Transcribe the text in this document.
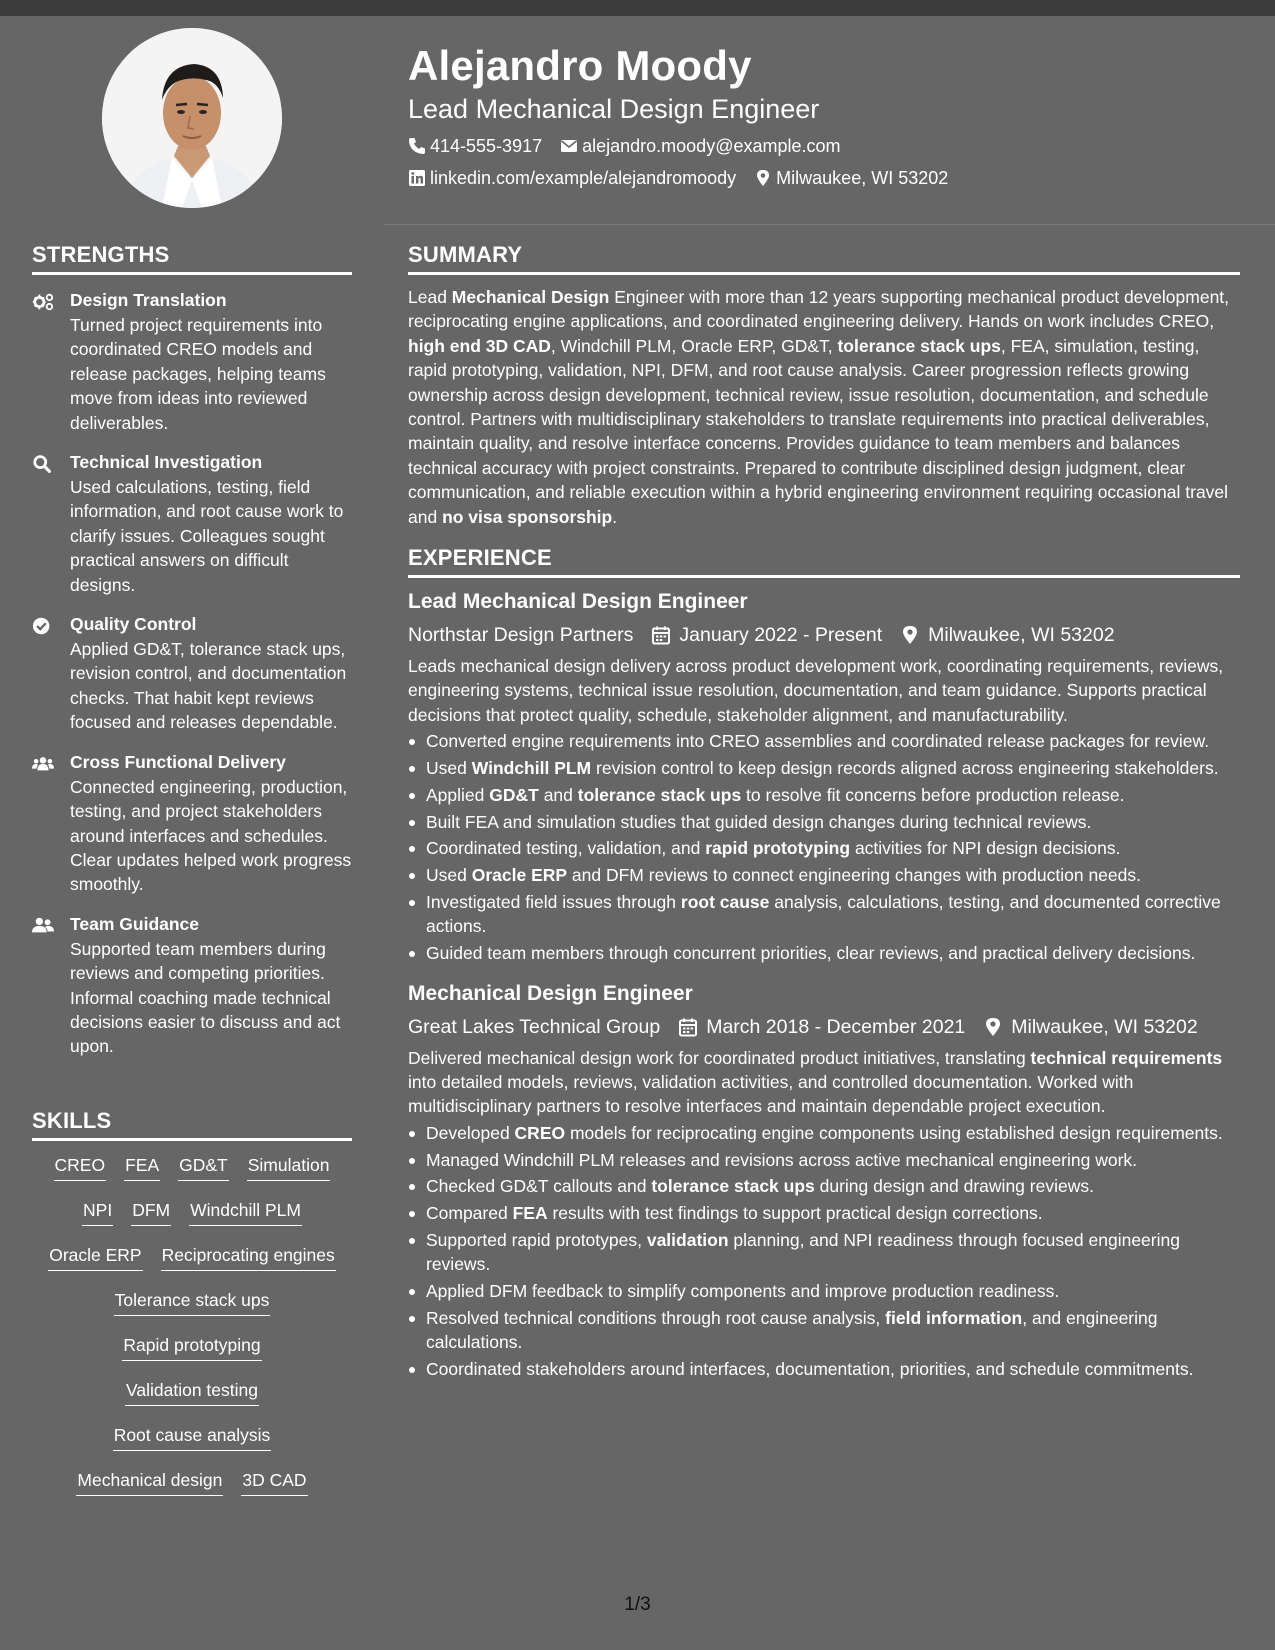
STRENGTHS
Design Translation
Turned project requirements into coordinated CREO models and release packages, helping teams move from ideas into reviewed deliverables.
Technical Investigation
Used calculations, testing, field information, and root cause work to clarify issues. Colleagues sought practical answers on difficult designs.
Quality Control
Applied GD&T, tolerance stack ups, revision control, and documentation checks. That habit kept reviews focused and releases dependable.
Cross Functional Delivery
Connected engineering, production, testing, and project stakeholders around interfaces and schedules. Clear updates helped work progress smoothly.
Team Guidance
Supported team members during reviews and competing priorities. Informal coaching made technical decisions easier to discuss and act upon.
SKILLS
CREO FEA GD&T Simulation
NPI DFM Windchill PLM
Oracle ERP Reciprocating engines
Tolerance stack ups
Rapid prototyping
Validation testing
Root cause analysis
Mechanical design 3D CAD
Alejandro Moody
Lead Mechanical Design Engineer
414-555-3917 alejandro.moody@example.com
linkedin.com/example/alejandromoody Milwaukee, WI 53202
SUMMARY
Lead Mechanical Design Engineer with more than 12 years supporting mechanical product development, reciprocating engine applications, and coordinated engineering delivery. Hands on work includes CREO, high end 3D CAD, Windchill PLM, Oracle ERP, GD&T, tolerance stack ups, FEA, simulation, testing, rapid prototyping, validation, NPI, DFM, and root cause analysis. Career progression reflects growing ownership across design development, technical review, issue resolution, documentation, and schedule control. Partners with multidisciplinary stakeholders to translate requirements into practical deliverables, maintain quality, and resolve interface concerns. Provides guidance to team members and balances technical accuracy with project constraints. Prepared to contribute disciplined design judgment, clear communication, and reliable execution within a hybrid engineering environment requiring occasional travel and no visa sponsorship.
EXPERIENCE
Lead Mechanical Design Engineer
Northstar Design Partners January 2022 - Present Milwaukee, WI 53202
Leads mechanical design delivery across product development work, coordinating requirements, reviews, engineering systems, technical issue resolution, documentation, and team guidance. Supports practical decisions that protect quality, schedule, stakeholder alignment, and manufacturability.
Converted engine requirements into CREO assemblies and coordinated release packages for review.
Used Windchill PLM revision control to keep design records aligned across engineering stakeholders.
Applied GD&T and tolerance stack ups to resolve fit concerns before production release.
Built FEA and simulation studies that guided design changes during technical reviews.
Coordinated testing, validation, and rapid prototyping activities for NPI design decisions.
Used Oracle ERP and DFM reviews to connect engineering changes with production needs.
Investigated field issues through root cause analysis, calculations, testing, and documented corrective actions.
Guided team members through concurrent priorities, clear reviews, and practical delivery decisions.
Mechanical Design Engineer
Great Lakes Technical Group March 2018 - December 2021 Milwaukee, WI 53202
Delivered mechanical design work for coordinated product initiatives, translating technical requirements into detailed models, reviews, validation activities, and controlled documentation. Worked with multidisciplinary partners to resolve interfaces and maintain dependable project execution.
Developed CREO models for reciprocating engine components using established design requirements.
Managed Windchill PLM releases and revisions across active mechanical engineering work.
Checked GD&T callouts and tolerance stack ups during design and drawing reviews.
Compared FEA results with test findings to support practical design corrections.
Supported rapid prototypes, validation planning, and NPI readiness through focused engineering reviews.
Applied DFM feedback to simplify components and improve production readiness.
Resolved technical conditions through root cause analysis, field information, and engineering calculations.
Coordinated stakeholders around interfaces, documentation, priorities, and schedule commitments.
1/3
